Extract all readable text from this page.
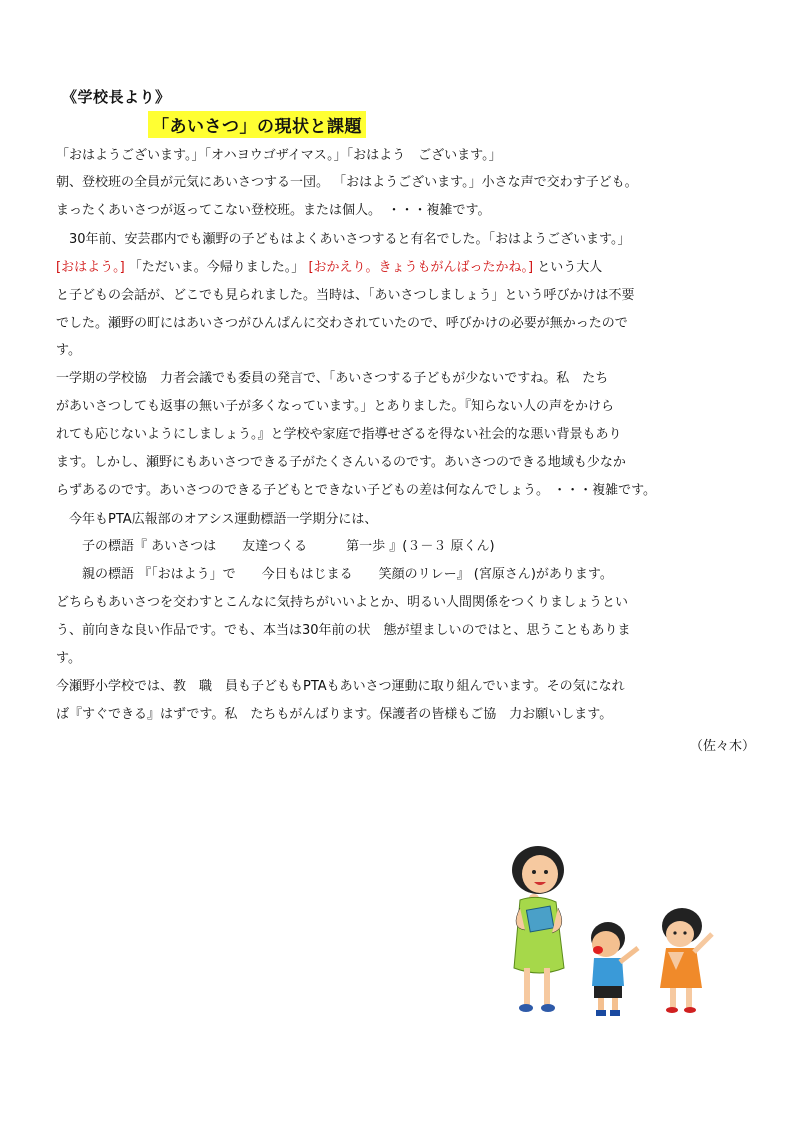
《学校長より》
「あいさつ」の現状と課題
「おはようございます。」「オハヨウゴザイマス。」「おはよう　ございます。」
朝、登校班の全員が元気にあいさつする一団。 「おはようございます。」小さな声で交わす子ども。
まったくあいさつが返ってこない登校班。または個人。　・・・複雑です。
　30年前、安芸郡内でも瀬野の子どもはよくあいさつすると有名でした。「おはようございます。」
[おはよう。] 「ただいま。今帰りました。」 [おかえり。きょうもがんばったかね。] という大人
と子どもの会話が、どこでも見られました。当時は、「あいさつしましょう」という呼びかけは不要
でした。瀬野の町にはあいさつがひんぱんに交わされていたので、呼びかけの必要が無かったので
す。
一学期の学校協　力者会議でも委員の発言で、「あいさつする子どもが少ないですね。私　たち
があいさつしても返事の無い子が多くなっています。」とありました。『知らない人の声をかけら
れても応じないようにしましょう。』と学校や家庭で指導せざるを得ない社会的な悪い背景もあり
ます。しかし、瀬野にもあいさつできる子がたくさんいるのです。あいさつのできる地域も少なか
らずあるのです。あいさつのできる子どもとできない子どもの差は何なんでしょう。 ・・・複雑です。
　今年もPTA広報部のオアシス運動標語一学期分には、
　　子の標語『 あいさつは　　友達つくる　　　第一歩 』(３－３ 原くん)
　　親の標語 『「おはよう」で　　今日もはじまる　　笑顔のリレー』 (宮原さん)があります。
どちらもあいさつを交わすとこんなに気持ちがいいよとか、明るい人間関係をつくりましょうとい
う、前向きな良い作品です。でも、本当は30年前の状　態が望ましいのではと、思うこともありま
す。
今瀬野小学校では、教　職　員も子どももPTAもあいさつ運動に取り組んでいます。その気になれ
ば『すぐできる』はずです。私　たちもがんばります。保護者の皆様もご協　力お願いします。
（佐々木）
